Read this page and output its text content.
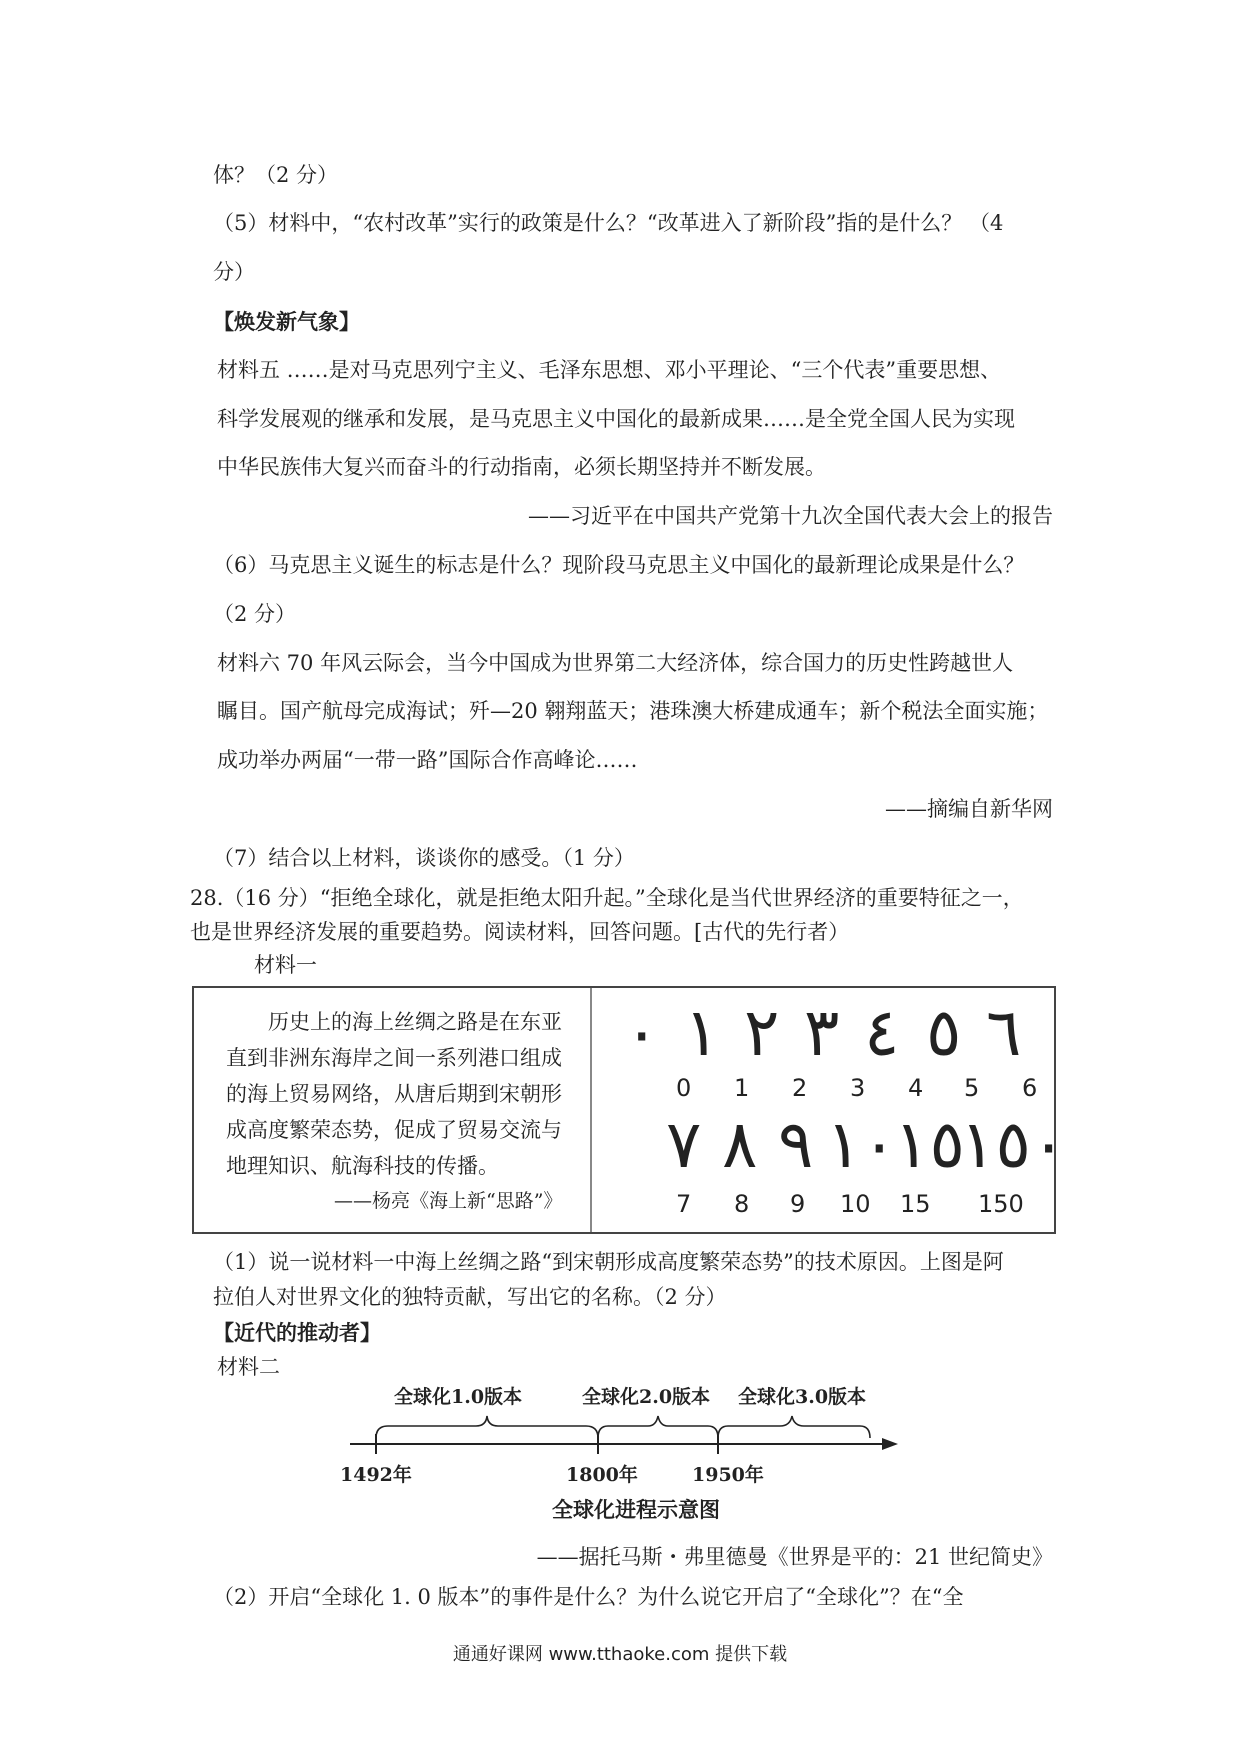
体？（2 分）
（5）材料中，“农村改革”实行的政策是什么？“改革进入了新阶段”指的是什么？ （4
分）
【焕发新气象】
材料五 ……是对马克思列宁主义、毛泽东思想、邓小平理论、“三个代表”重要思想、
科学发展观的继承和发展，是马克思主义中国化的最新成果……是全党全国人民为实现
中华民族伟大复兴而奋斗的行动指南，必须长期坚持并不断发展。
——习近平在中国共产党第十九次全国代表大会上的报告
（6）马克思主义诞生的标志是什么？现阶段马克思主义中国化的最新理论成果是什么？
（2 分）
材料六 70 年风云际会，当今中国成为世界第二大经济体，综合国力的历史性跨越世人
瞩目。国产航母完成海试；歼—20 翱翔蓝天；港珠澳大桥建成通车；新个税法全面实施；
成功举办两届“一带一路”国际合作高峰论……
——摘编自新华网
（7）结合以上材料，谈谈你的感受。（1 分）
28.（16 分）“拒绝全球化，就是拒绝太阳升起。”全球化是当代世界经济的重要特征之一，
也是世界经济发展的重要趋势。阅读材料，回答问题。[古代的先行者）
材料一

历史上的海上丝绸之路是在东亚

直到非洲东海岸之间一系列港口组成

的海上贸易网络，从唐后期到宋朝形

成高度繁荣态势，促成了贸易交流与

地理知识、航海科技的传播。

——杨亮《海上新“思路”》
٠ ١ ٢ ٣ ٤ ٥ ٦
0 1 2 3 4 5 6
٧ ٨ ٩ ١٠
١٥
١٥٠
7 8 9 10 15 150
（1）说一说材料一中海上丝绸之路“到宋朝形成高度繁荣态势”的技术原因。上图是阿
拉伯人对世界文化的独特贡献，写出它的名称。（2 分）
【近代的推动者】
材料二
全球化1.0版本	全球化2.0版本 全球化3.0版本
1492年	1800年	1950年
全球化进程示意图
——据托马斯・弗里德曼《世界是平的：21 世纪简史》
（2）开启“全球化 1. 0 版本”的事件是什么？为什么说它开启了“全球化”？在“全
通通好课网 www.tthaoke.com 提供下载
